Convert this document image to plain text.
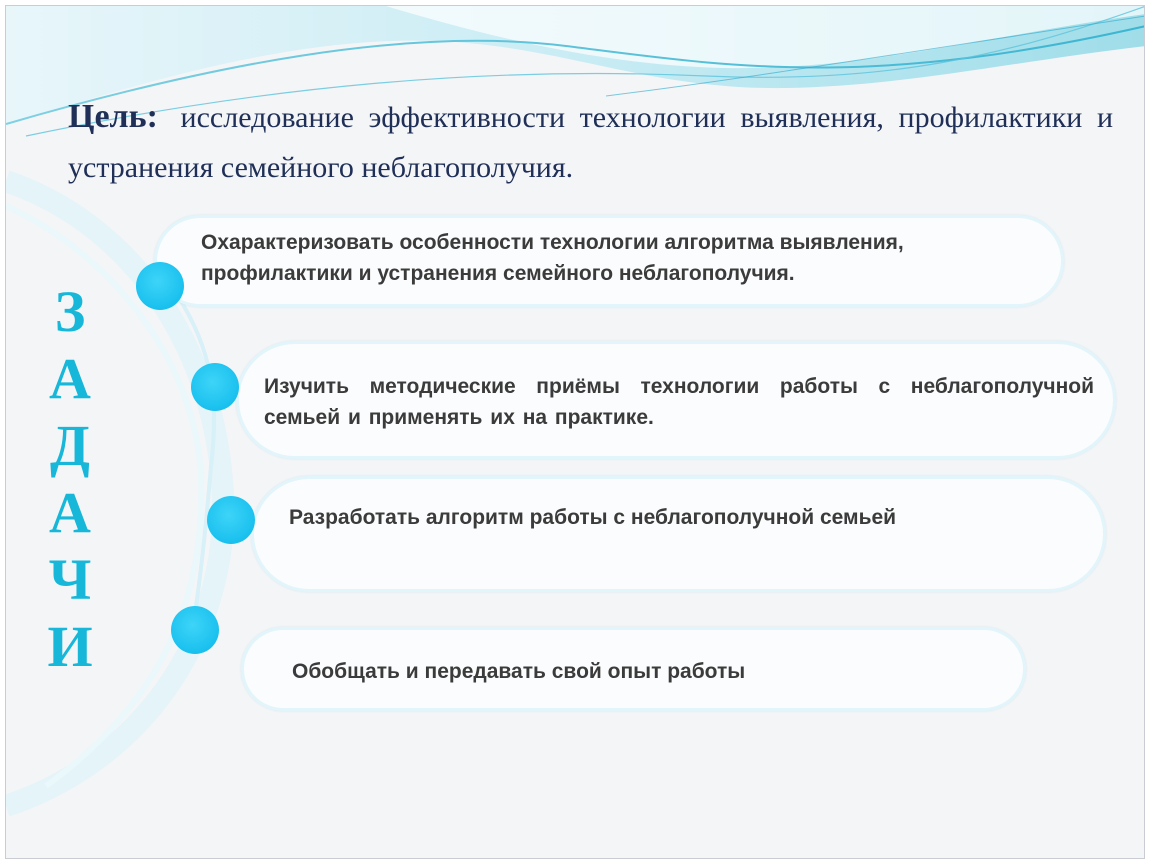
Цель: исследование эффективности технологии выявления, профилактики и устранения семейного неблагополучия.
З
А
Д
А
Ч
И
Охарактеризовать особенности технологии алгоритма выявления, профилактики и устранения семейного неблагополучия.
Изучить методические приёмы технологии работы с неблагополучной семьей и применять их на практике.
Разработать алгоритм работы с неблагополучной семьей
Обобщать и передавать свой опыт работы
